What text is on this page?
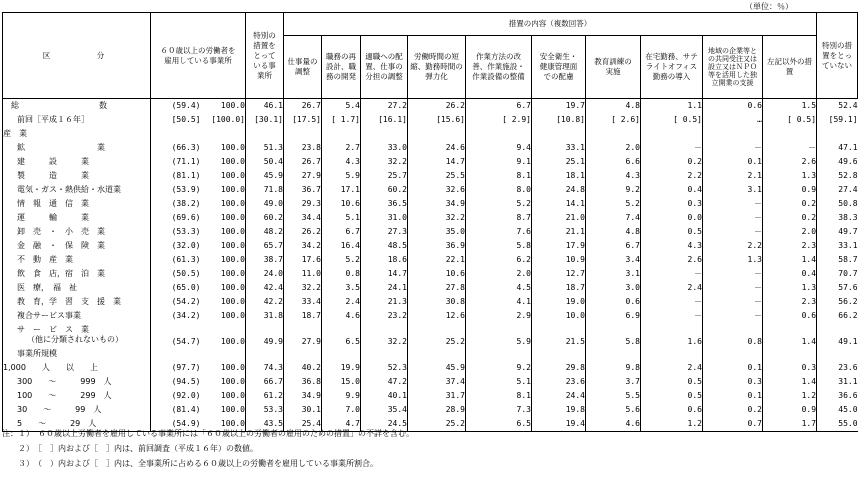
（単位：％）
区　　　分	６０歳以上の労働者を雇用している事業所		特別の措置をとっている事業所	措置の内容（複数回答）										特別の措置をとっていない
				仕事量の調整	職務の再設計、職務の開発	適職への配置、仕事の分担の調整	労働時間の短縮、勤務時間の弾力化	作業方法の改善、作業施設・作業設備の整備	安全衛生・健康管理面での配慮	教育訓練の実施	在宅勤務、サテライトオフィス勤務の導入	地域の企業等との共同受注又は設立又はＮＰＯ等を活用した独立開業の支援	左記以外の措置	
総　　　　　　　　　　数	(59.4)	100.0	46.1	26.7	5.4	27.2	26.2	6.7	19.7	4.8	1.1	0.6	1.5	52.4
前回［平成１６年］	[50.5]	[100.0]	[30.1]	[17.5]	[ 1.7]	[16.1]	[15.6]	[ 2.9]	[10.8]	[ 2.6]	[ 0.5]	…	[ 0.5]	[59.1]
産　業														
鉱　　　　　　　　　業	(66.3)	100.0	51.3	23.8	2.7	33.0	24.6	9.4	33.1	2.0	－	－	－	47.1
建　　　設　　　業	(71.1)	100.0	50.4	26.7	4.3	32.2	14.7	9.1	25.1	6.6	0.2	0.1	2.6	49.6
製　　　造　　　業	(81.1)	100.0	45.9	27.9	5.9	25.7	25.5	8.1	18.1	4.3	2.2	2.1	1.3	52.8
電気・ガス・熱供給・水道業	(53.9)	100.0	71.8	36.7	17.1	60.2	32.6	8.0	24.8	9.2	0.4	3.1	0.9	27.4
情　報　通　信　業	(38.2)	100.0	49.0	29.3	10.6	36.5	34.9	5.2	14.1	5.2	0.3	－	0.2	50.8
運　　　輸　　　業	(69.6)	100.0	60.2	34.4	5.1	31.0	32.2	8.7	21.0	7.4	0.0	－	0.2	38.3
卸　売　・　小　売　業	(53.3)	100.0	48.2	26.2	6.7	27.3	35.0	7.6	21.1	4.8	0.5	－	2.0	49.7
金　融　・　保　険　業	(32.0)	100.0	65.7	34.2	16.4	48.5	36.9	5.8	17.9	6.7	4.3	2.2	2.3	33.1
不　動　産　業	(61.3)	100.0	38.7	17.6	5.2	18.6	22.1	6.2	10.9	3.4	2.6	1.3	1.4	58.7
飲　食　店，宿　泊　業	(50.5)	100.0	24.0	11.0	0.8	14.7	10.6	2.0	12.7	3.1	－	－	0.4	70.7
医　療，　福　祉	(65.0)	100.0	42.4	32.2	3.5	24.1	27.8	4.5	18.7	3.0	2.4	－	1.3	57.6
教　育，学　習　支　援　業	(54.2)	100.0	42.2	33.4	2.4	21.3	30.8	4.1	19.0	0.6	－	－	2.3	56.2
複合サービス事業	(34.2)	100.0	31.8	18.7	4.6	23.2	12.6	2.9	10.0	6.9	－	－	0.6	66.2
サ　ー　ビ　ス　業
（他に分類されないもの）	(54.7)	100.0	49.9	27.9	6.5	32.2	25.2	5.9	21.5	5.8	1.6	0.8	1.4	49.1
事業所規模														
1,000　　人　　以　　上	(97.7)	100.0	74.3	40.2	19.9	52.3	45.9	9.2	29.8	9.8	2.4	0.1	0.3	23.6
300　　～　　　999　人	(94.5)	100.0	66.7	36.8	15.0	47.2	37.4	5.1	23.6	3.7	0.5	0.3	1.4	31.1
100　　～　　　299　人	(92.0)	100.0	61.2	34.9	9.9	40.1	31.7	8.1	24.4	5.5	0.5	0.1	1.2	36.6
30　　～　　　99　人	(81.4)	100.0	53.3	30.1	7.0	35.4	28.9	7.3	19.8	5.6	0.6	0.2	0.9	45.0
5　　～　　　29　人	(54.9)	100.0	43.5	25.4	4.7	24.5	25.2	6.5	19.4	4.6	1.2	0.7	1.7	55.0
注：１）　６０歳以上労働者を雇用している事業所には「６０歳以上の労働者の雇用のための措置」の不詳を含む。
　　２）　［　］内および［　］内は、前回調査（平成１６年）の数値。
　　３）　（　）内および［　］内は、全事業所に占める６０歳以上の労働者を雇用している事業所割合。
